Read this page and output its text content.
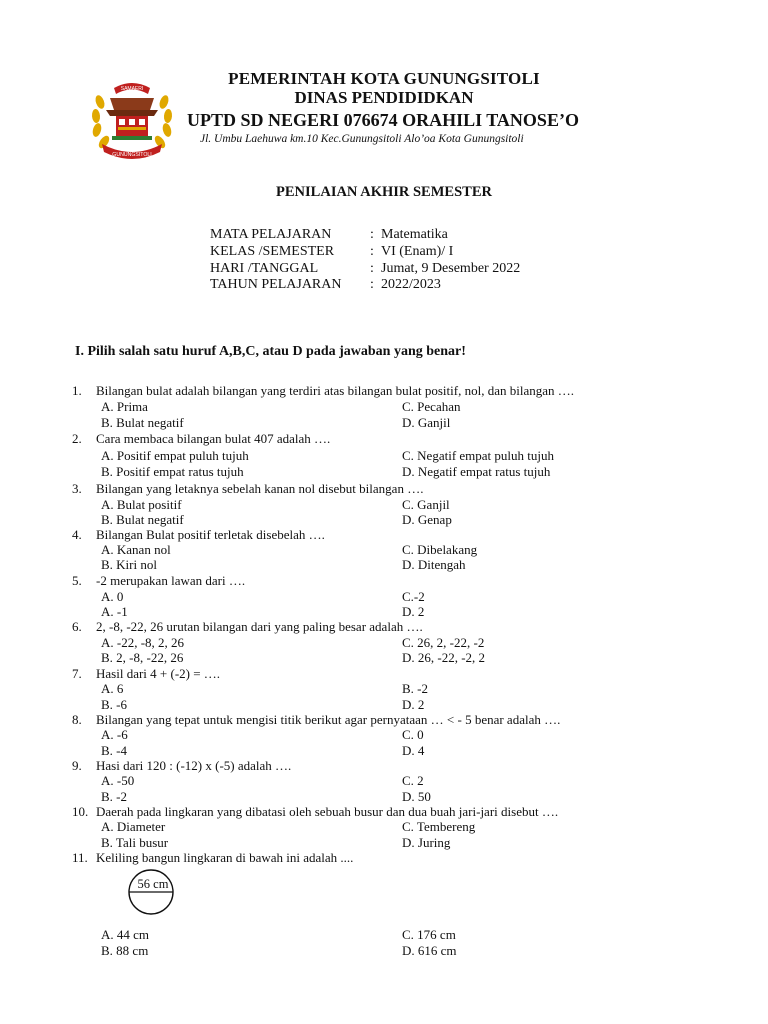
SAMAERI
GUNUNGSITOLI
PEMERINTAH KOTA GUNUNGSITOLI
DINAS PENDIDIDKAN
UPTD SD NEGERI 076674 ORAHILI TANOSE’O
Jl. Umbu Laehuwa km.10 Kec.Gunungsitoli Alo’oa Kota Gunungsitoli
PENILAIAN AKHIR SEMESTER
MATA PELAJARAN	: Matematika
KELAS /SEMESTER	: VI (Enam)/ I
HARI /TANGGAL	: Jumat, 9 Desember 2022
TAHUN PELAJARAN	: 2022/2023
I. Pilih salah satu huruf A,B,C, atau D pada jawaban yang benar!
1.	Bilangan bulat adalah bilangan yang terdiri atas bilangan bulat positif, nol, dan bilangan ….
A. Prima	C. Pecahan
B. Bulat negatif	D. Ganjil
2.	Cara membaca bilangan bulat 407 adalah ….
A. Positif empat puluh tujuh	C. Negatif empat puluh tujuh
B. Positif empat ratus tujuh	D. Negatif empat ratus tujuh
3.	Bilangan yang letaknya sebelah kanan nol disebut bilangan ….
A. Bulat positif	C. Ganjil
B. Bulat negatif	D. Genap
4.	Bilangan Bulat positif terletak disebelah ….
A. Kanan nol	C. Dibelakang
B. Kiri nol	D. Ditengah
5.	-2 merupakan lawan dari ….
A. 0	C.-2
A. -1	D. 2
6.	2, -8, -22, 26 urutan bilangan dari yang paling besar adalah ….
A. -22, -8, 2, 26	C. 26, 2, -22, -2
B. 2, -8, -22, 26	D. 26, -22, -2, 2
7.	Hasil dari 4 + (-2) = ….
A. 6	B. -2
B. -6	D. 2
8.	Bilangan yang tepat untuk mengisi titik berikut agar pernyataan … < - 5 benar adalah ….
A. -6	C. 0
B. -4	D. 4
9.	Hasi dari 120 : (-12) x (-5) adalah ….
A. -50	C. 2
B. -2	D. 50
10. Daerah pada lingkaran yang dibatasi oleh sebuah busur dan dua buah jari-jari disebut ….
A. Diameter	C. Tembereng
B. Tali busur	D. Juring
11. Keliling bangun lingkaran di bawah ini adalah ....
56 cm
A. 44 cm	C. 176 cm
B. 88 cm	D. 616 cm
